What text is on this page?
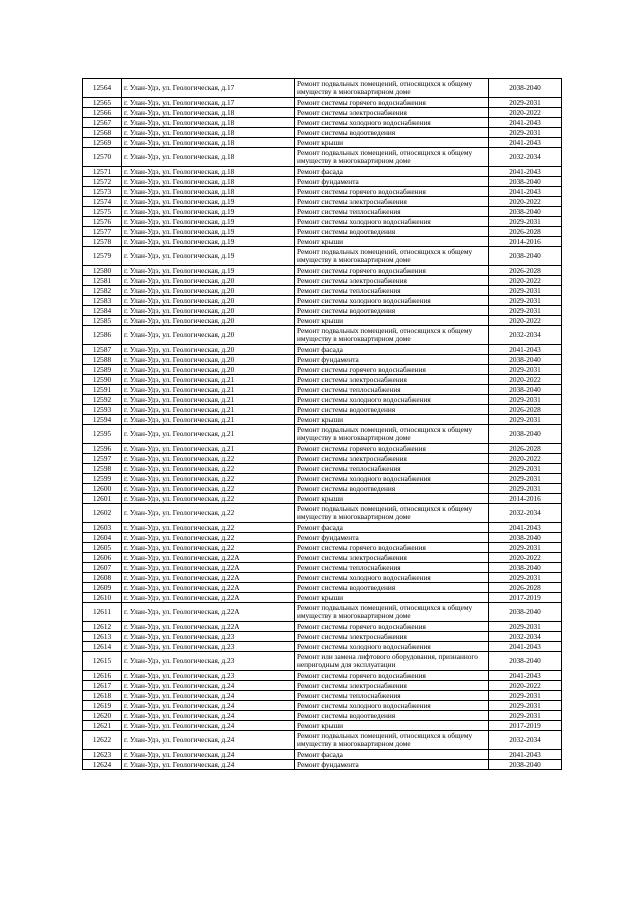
12564	г. Улан-Удэ, ул. Геологическая, д.17	Ремонт подвальных помещений, относящихся к общему имуществу в многоквартирном доме	2038-2040
12565	г. Улан-Удэ, ул. Геологическая, д.17	Ремонт системы горячего водоснабжения	2029-2031
12566	г. Улан-Удэ, ул. Геологическая, д.18	Ремонт системы электроснабжения	2020-2022
12567	г. Улан-Удэ, ул. Геологическая, д.18	Ремонт системы холодного водоснабжения	2041-2043
12568	г. Улан-Удэ, ул. Геологическая, д.18	Ремонт системы водоотведения	2029-2031
12569	г. Улан-Удэ, ул. Геологическая, д.18	Ремонт крыши	2041-2043
12570	г. Улан-Удэ, ул. Геологическая, д.18	Ремонт подвальных помещений, относящихся к общему имуществу в многоквартирном доме	2032-2034
12571	г. Улан-Удэ, ул. Геологическая, д.18	Ремонт фасада	2041-2043
12572	г. Улан-Удэ, ул. Геологическая, д.18	Ремонт фундамента	2038-2040
12573	г. Улан-Удэ, ул. Геологическая, д.18	Ремонт системы горячего водоснабжения	2041-2043
12574	г. Улан-Удэ, ул. Геологическая, д.19	Ремонт системы электроснабжения	2020-2022
12575	г. Улан-Удэ, ул. Геологическая, д.19	Ремонт системы теплоснабжения	2038-2040
12576	г. Улан-Удэ, ул. Геологическая, д.19	Ремонт системы холодного водоснабжения	2029-2031
12577	г. Улан-Удэ, ул. Геологическая, д.19	Ремонт системы водоотведения	2026-2028
12578	г. Улан-Удэ, ул. Геологическая, д.19	Ремонт крыши	2014-2016
12579	г. Улан-Удэ, ул. Геологическая, д.19	Ремонт подвальных помещений, относящихся к общему имуществу в многоквартирном доме	2038-2040
12580	г. Улан-Удэ, ул. Геологическая, д.19	Ремонт системы горячего водоснабжения	2026-2028
12581	г. Улан-Удэ, ул. Геологическая, д.20	Ремонт системы электроснабжения	2020-2022
12582	г. Улан-Удэ, ул. Геологическая, д.20	Ремонт системы теплоснабжения	2029-2031
12583	г. Улан-Удэ, ул. Геологическая, д.20	Ремонт системы холодного водоснабжения	2029-2031
12584	г. Улан-Удэ, ул. Геологическая, д.20	Ремонт системы водоотведения	2029-2031
12585	г. Улан-Удэ, ул. Геологическая, д.20	Ремонт крыши	2020-2022
12586	г. Улан-Удэ, ул. Геологическая, д.20	Ремонт подвальных помещений, относящихся к общему имуществу в многоквартирном доме	2032-2034
12587	г. Улан-Удэ, ул. Геологическая, д.20	Ремонт фасада	2041-2043
12588	г. Улан-Удэ, ул. Геологическая, д.20	Ремонт фундамента	2038-2040
12589	г. Улан-Удэ, ул. Геологическая, д.20	Ремонт системы горячего водоснабжения	2029-2031
12590	г. Улан-Удэ, ул. Геологическая, д.21	Ремонт системы электроснабжения	2020-2022
12591	г. Улан-Удэ, ул. Геологическая, д.21	Ремонт системы теплоснабжения	2038-2040
12592	г. Улан-Удэ, ул. Геологическая, д.21	Ремонт системы холодного водоснабжения	2029-2031
12593	г. Улан-Удэ, ул. Геологическая, д.21	Ремонт системы водоотведения	2026-2028
12594	г. Улан-Удэ, ул. Геологическая, д.21	Ремонт крыши	2029-2031
12595	г. Улан-Удэ, ул. Геологическая, д.21	Ремонт подвальных помещений, относящихся к общему имуществу в многоквартирном доме	2038-2040
12596	г. Улан-Удэ, ул. Геологическая, д.21	Ремонт системы горячего водоснабжения	2026-2028
12597	г. Улан-Удэ, ул. Геологическая, д.22	Ремонт системы электроснабжения	2020-2022
12598	г. Улан-Удэ, ул. Геологическая, д.22	Ремонт системы теплоснабжения	2029-2031
12599	г. Улан-Удэ, ул. Геологическая, д.22	Ремонт системы холодного водоснабжения	2029-2031
12600	г. Улан-Удэ, ул. Геологическая, д.22	Ремонт системы водоотведения	2029-2031
12601	г. Улан-Удэ, ул. Геологическая, д.22	Ремонт крыши	2014-2016
12602	г. Улан-Удэ, ул. Геологическая, д.22	Ремонт подвальных помещений, относящихся к общему имуществу в многоквартирном доме	2032-2034
12603	г. Улан-Удэ, ул. Геологическая, д.22	Ремонт фасада	2041-2043
12604	г. Улан-Удэ, ул. Геологическая, д.22	Ремонт фундамента	2038-2040
12605	г. Улан-Удэ, ул. Геологическая, д.22	Ремонт системы горячего водоснабжения	2029-2031
12606	г. Улан-Удэ, ул. Геологическая, д.22А	Ремонт системы электроснабжения	2020-2022
12607	г. Улан-Удэ, ул. Геологическая, д.22А	Ремонт системы теплоснабжения	2038-2040
12608	г. Улан-Удэ, ул. Геологическая, д.22А	Ремонт системы холодного водоснабжения	2029-2031
12609	г. Улан-Удэ, ул. Геологическая, д.22А	Ремонт системы водоотведения	2026-2028
12610	г. Улан-Удэ, ул. Геологическая, д.22А	Ремонт крыши	2017-2019
12611	г. Улан-Удэ, ул. Геологическая, д.22А	Ремонт подвальных помещений, относящихся к общему имуществу в многоквартирном доме	2038-2040
12612	г. Улан-Удэ, ул. Геологическая, д.22А	Ремонт системы горячего водоснабжения	2029-2031
12613	г. Улан-Удэ, ул. Геологическая, д.23	Ремонт системы электроснабжения	2032-2034
12614	г. Улан-Удэ, ул. Геологическая, д.23	Ремонт системы холодного водоснабжения	2041-2043
12615	г. Улан-Удэ, ул. Геологическая, д.23	Ремонт или замена лифтового оборудования, признанного непригодным для эксплуатации	2038-2040
12616	г. Улан-Удэ, ул. Геологическая, д.23	Ремонт системы горячего водоснабжения	2041-2043
12617	г. Улан-Удэ, ул. Геологическая, д.24	Ремонт системы электроснабжения	2020-2022
12618	г. Улан-Удэ, ул. Геологическая, д.24	Ремонт системы теплоснабжения	2029-2031
12619	г. Улан-Удэ, ул. Геологическая, д.24	Ремонт системы холодного водоснабжения	2029-2031
12620	г. Улан-Удэ, ул. Геологическая, д.24	Ремонт системы водоотведения	2029-2031
12621	г. Улан-Удэ, ул. Геологическая, д.24	Ремонт крыши	2017-2019
12622	г. Улан-Удэ, ул. Геологическая, д.24	Ремонт подвальных помещений, относящихся к общему имуществу в многоквартирном доме	2032-2034
12623	г. Улан-Удэ, ул. Геологическая, д.24	Ремонт фасада	2041-2043
12624	г. Улан-Удэ, ул. Геологическая, д.24	Ремонт фундамента	2038-2040
